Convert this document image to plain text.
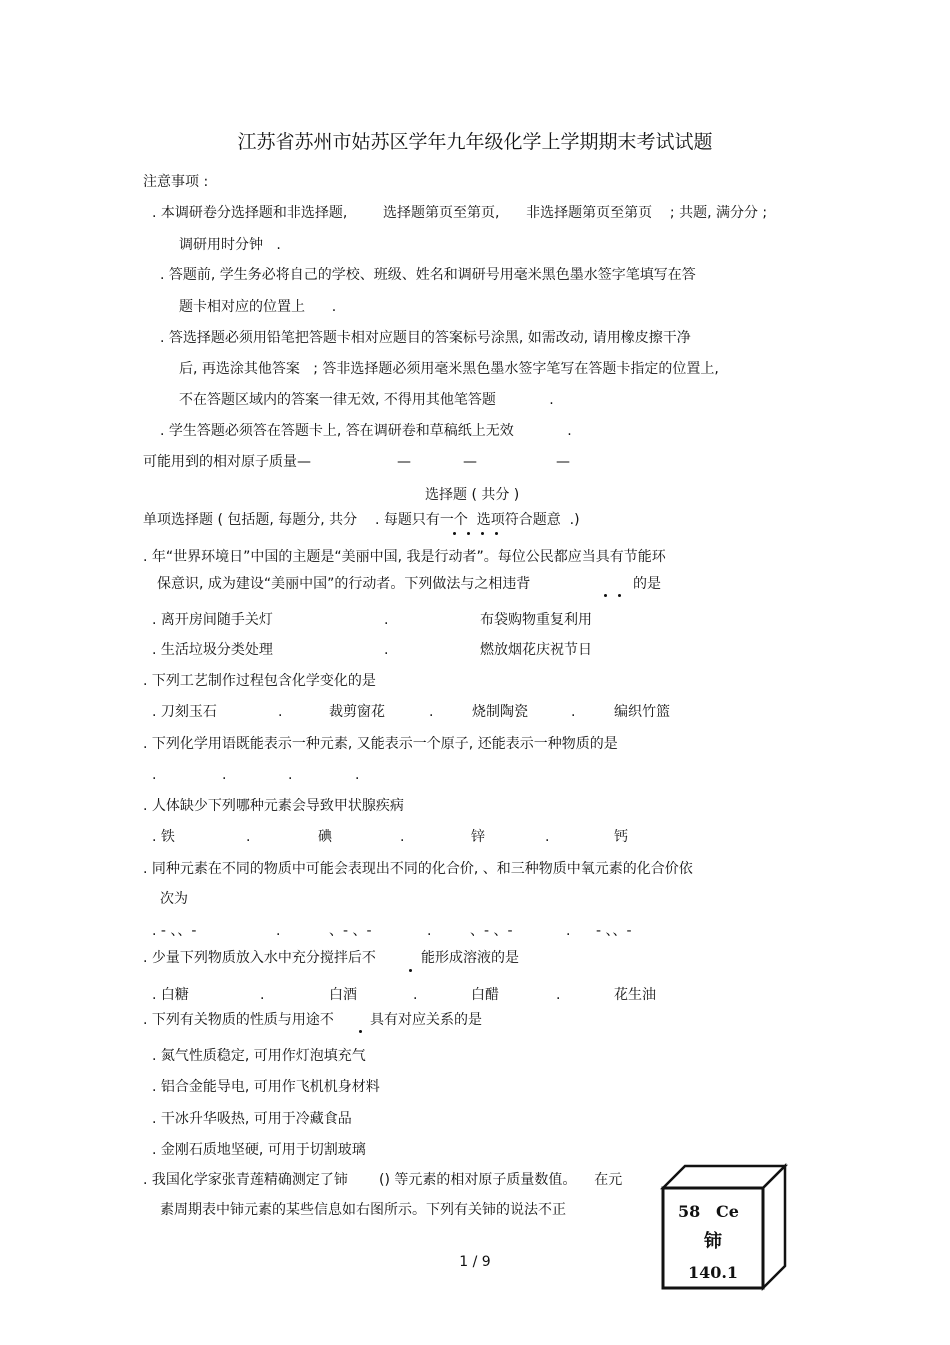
江苏省苏州市姑苏区学年九年级化学上学期期末考试试题
注意事项 :
. 本调研卷分选择题和非选择题,        选择题第页至第页,      非选择题第页至第页    ; 共题, 满分分 ;
调研用时分钟   .
. 答题前, 学生务必将自己的学校、班级、姓名和调研号用毫米黑色墨水签字笔填写在答
题卡相对应的位置上      .
. 答选择题必须用铅笔把答题卡相对应题目的答案标号涂黑, 如需改动, 请用橡皮擦干净
后, 再选涂其他答案   ; 答非选择题必须用毫米黑色墨水签字笔写在答题卡指定的位置上,
不在答题区域内的答案一律无效, 不得用其他笔答题            .
. 学生答题必须答在答题卡上, 答在调研卷和草稿纸上无效            .
可能用到的相对原子质量—	—	—	—
选择题 ( 共分 )
单项选择题 ( 包括题, 每题分, 共分    . 每题只有一个  选项符合题意  .)
. 年“世界环境日”中国的主题是“美丽中国, 我是行动者”。每位公民都应当具有节能环
保意识, 成为建设“美丽中国”的行动者。下列做法与之相违背	的是
. 离开房间随手关灯	.	布袋购物重复利用
. 生活垃圾分类处理	.	燃放烟花庆祝节日
. 下列工艺制作过程包含化学变化的是
. 刀刻玉石	.	裁剪窗花	.	烧制陶瓷	.	编织竹篮
. 下列化学用语既能表示一种元素, 又能表示一个原子, 还能表示一种物质的是
.	.	.	.
. 人体缺少下列哪种元素会导致甲状腺疾病
. 铁	.	碘	.	锌	.	钙
. 同种元素在不同的物质中可能会表现出不同的化合价, 、和三种物质中氧元素的化合价依
次为
. - 、、-	.	、- 、-	.	、- 、-	. - 、、-
. 少量下列物质放入水中充分搅拌后不	能形成溶液的是
. 白糖	.	白酒	.	白醋	.	花生油
. 下列有关物质的性质与用途不	具有对应关系的是
. 氮气性质稳定, 可用作灯泡填充气
. 铝合金能导电, 可用作飞机机身材料
. 干冰升华吸热, 可用于冷藏食品
. 金刚石质地坚硬, 可用于切割玻璃
. 我国化学家张青莲精确测定了铈       () 等元素的相对原子质量数值。    在元
素周期表中铈元素的某些信息如右图所示。下列有关铈的说法不正	58 Ce
铈
140.1
1 / 9
